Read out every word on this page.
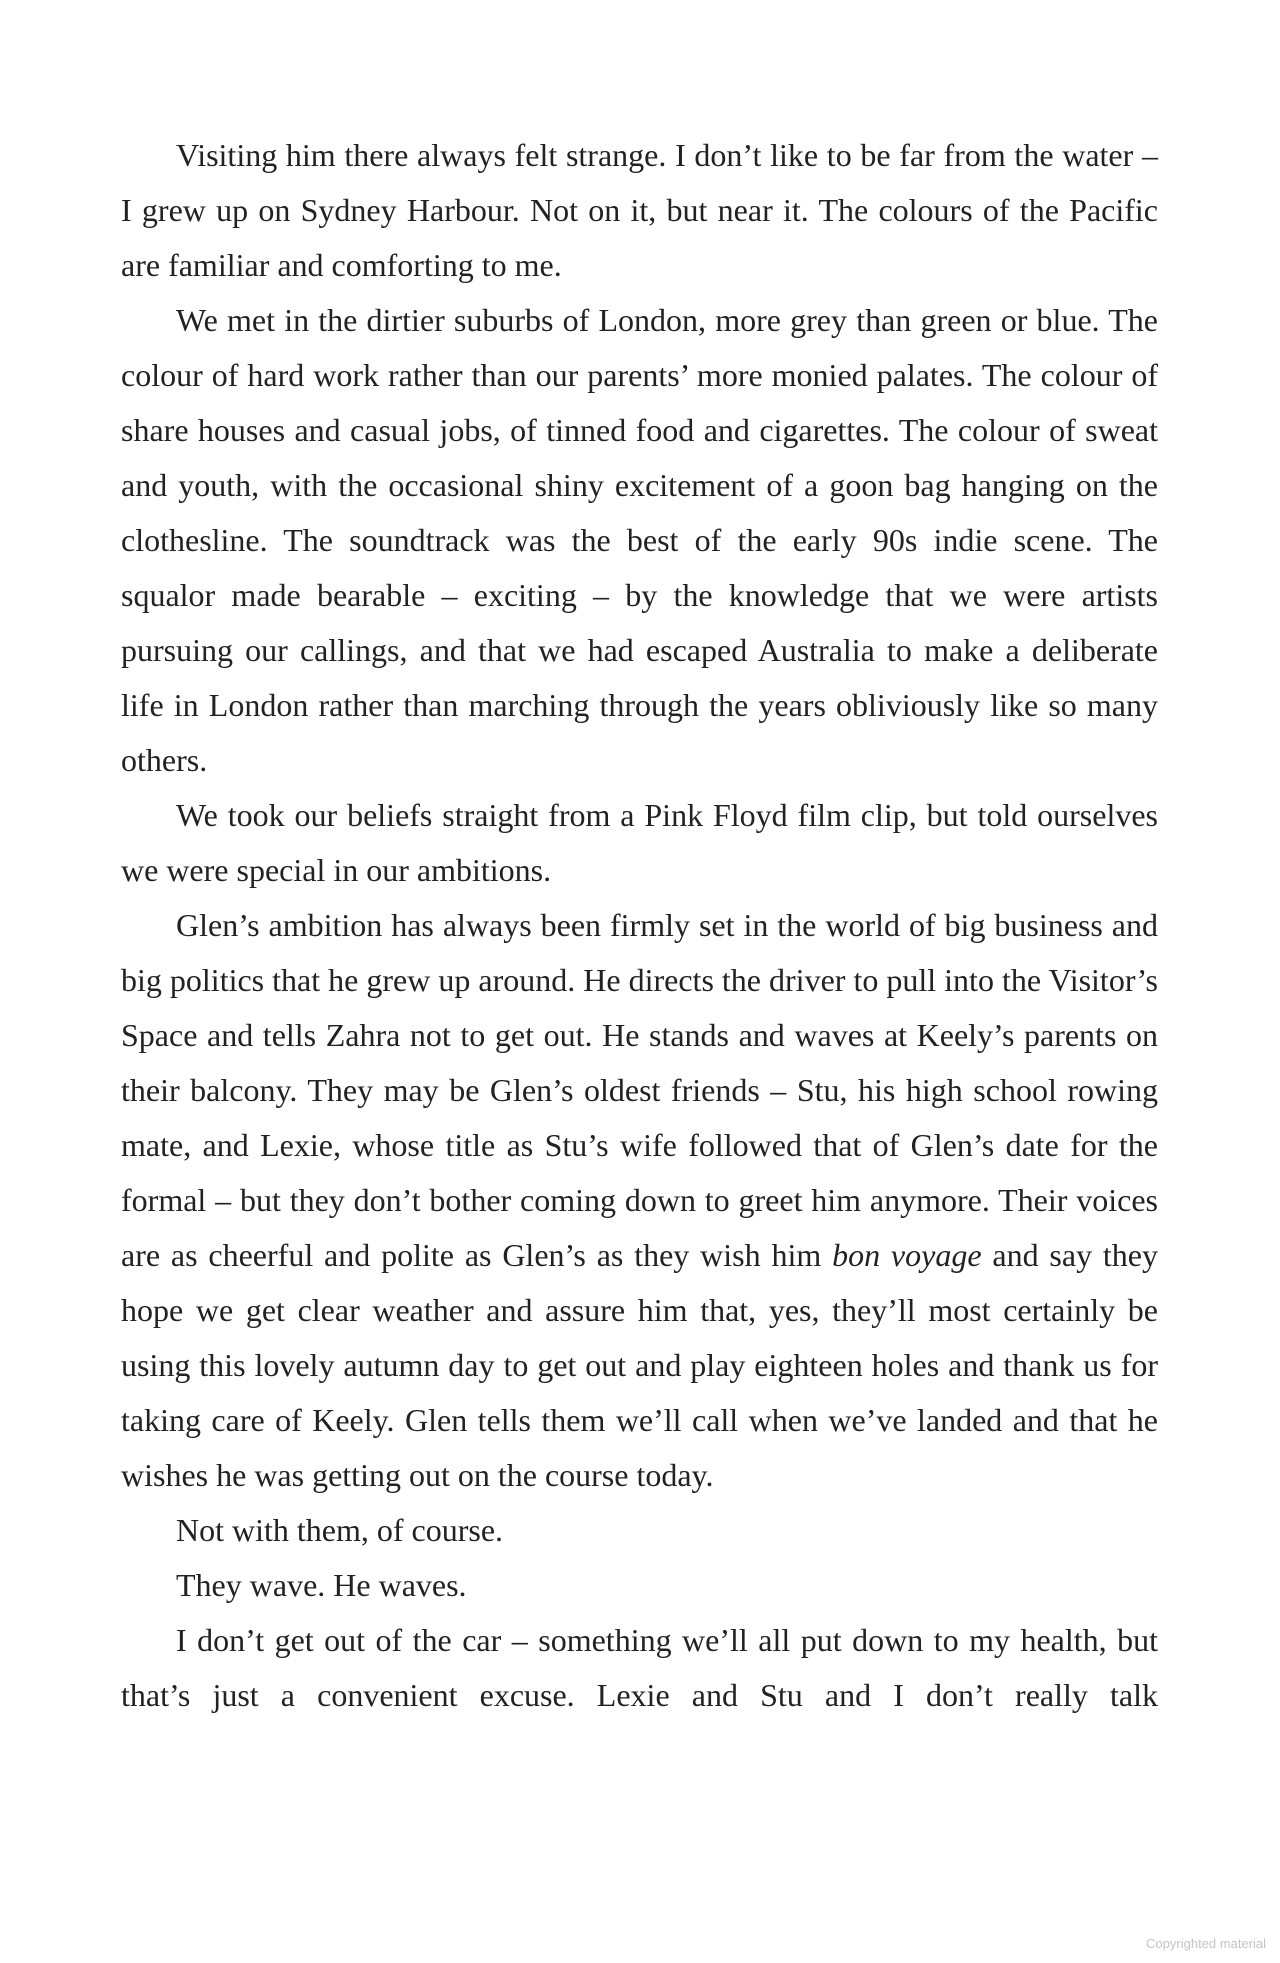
Visiting him there always felt strange. I don’t like to be far from the water – I grew up on Sydney Harbour. Not on it, but near it. The colours of the Pacific are familiar and comforting to me.

We met in the dirtier suburbs of London, more grey than green or blue. The colour of hard work rather than our parents’ more monied palates. The colour of share houses and casual jobs, of tinned food and cigarettes. The colour of sweat and youth, with the occasional shiny excitement of a goon bag hanging on the clothesline. The soundtrack was the best of the early 90s indie scene. The squalor made bearable – exciting – by the knowledge that we were artists pursuing our callings, and that we had escaped Australia to make a deliberate life in London rather than marching through the years obliviously like so many others.

We took our beliefs straight from a Pink Floyd film clip, but told ourselves we were special in our ambitions.

Glen’s ambition has always been firmly set in the world of big business and big politics that he grew up around. He directs the driver to pull into the Visitor’s Space and tells Zahra not to get out. He stands and waves at Keely’s parents on their balcony. They may be Glen’s oldest friends – Stu, his high school rowing mate, and Lexie, whose title as Stu’s wife followed that of Glen’s date for the formal – but they don’t bother coming down to greet him anymore. Their voices are as cheerful and polite as Glen’s as they wish him bon voyage and say they hope we get clear weather and assure him that, yes, they’ll most certainly be using this lovely autumn day to get out and play eighteen holes and thank us for taking care of Keely. Glen tells them we’ll call when we’ve landed and that he wishes he was getting out on the course today.

Not with them, of course.

They wave. He waves.

I don’t get out of the car – something we’ll all put down to my health, but that’s just a convenient excuse. Lexie and Stu and I don’t really talk

Copyrighted material
